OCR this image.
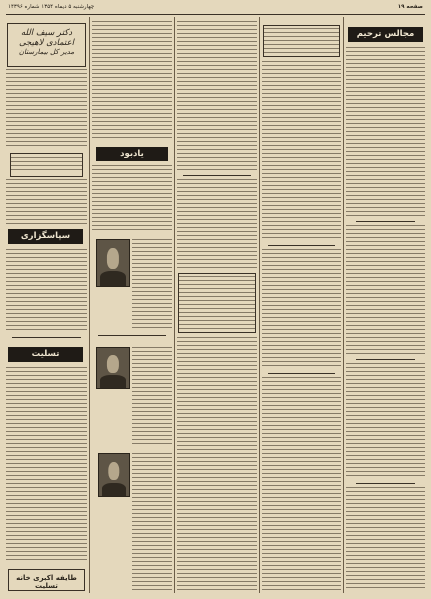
صفحه ۱۹
چهارشنبه ۵ دیماه ۱۳۵۴ شماره ۱۴۳۹۶
مجالس ترحیم
یادبود
دکتر سیف الله اعتمادی لاهیجی
مدیر کل بیمارستان
سپاسگزاری
تسلیت
طایفه اکبری خانه تسلیت
